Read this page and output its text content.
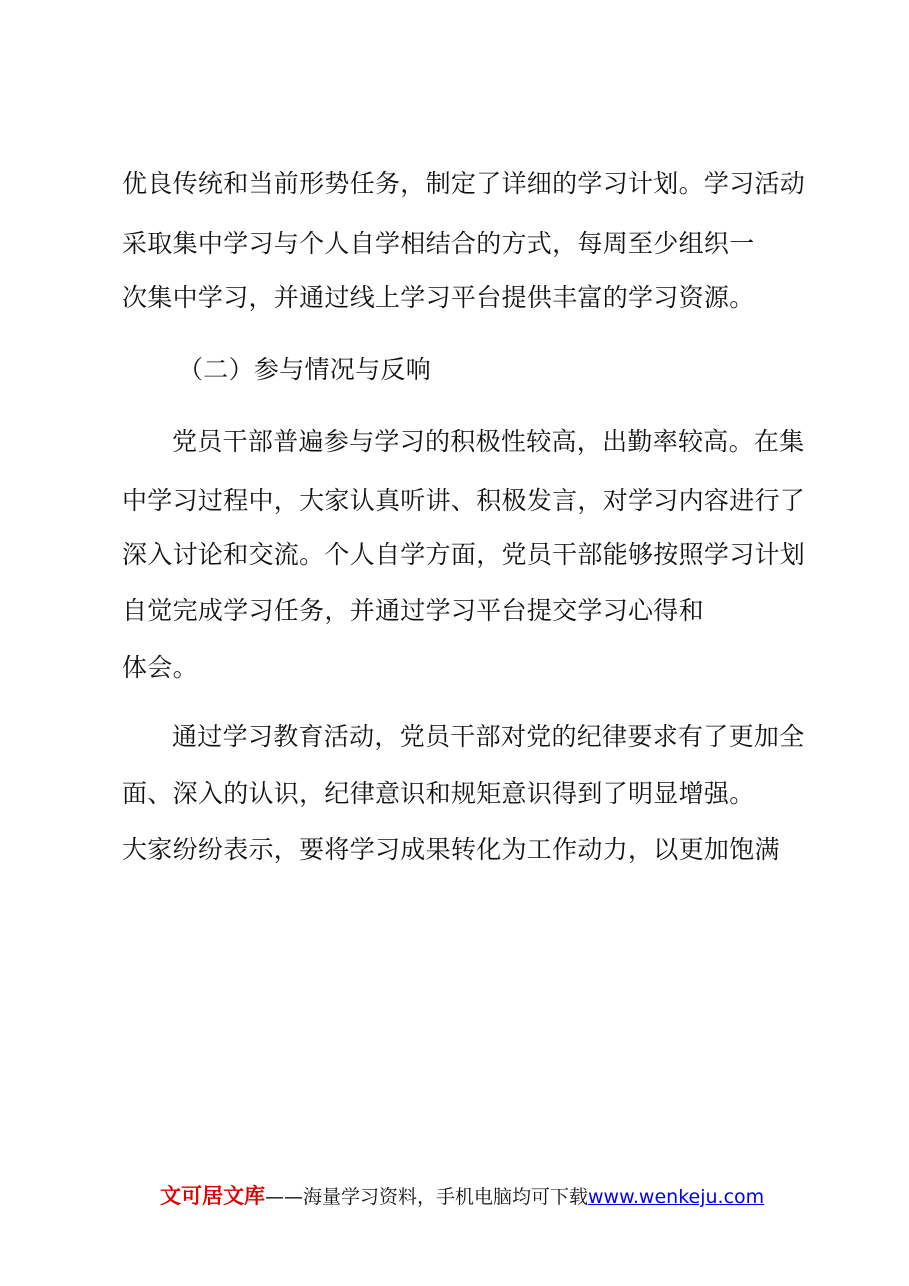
优良传统和当前形势任务，制定了详细的学习计划。学习活动
采取集中学习与个人自学相结合的方式，每周至少组织一
次集中学习，并通过线上学习平台提供丰富的学习资源。
（二）参与情况与反响
党员干部普遍参与学习的积极性较高，出勤率较高。在集
中学习过程中，大家认真听讲、积极发言，对学习内容进行了
深入讨论和交流。个人自学方面，党员干部能够按照学习计划
自觉完成学习任务，并通过学习平台提交学习心得和
体会。
通过学习教育活动，党员干部对党的纪律要求有了更加全
面、深入的认识，纪律意识和规矩意识得到了明显增强。
大家纷纷表示，要将学习成果转化为工作动力，以更加饱满
文可居文库——海量学习资料，手机电脑均可下载www.wenkeju.com
